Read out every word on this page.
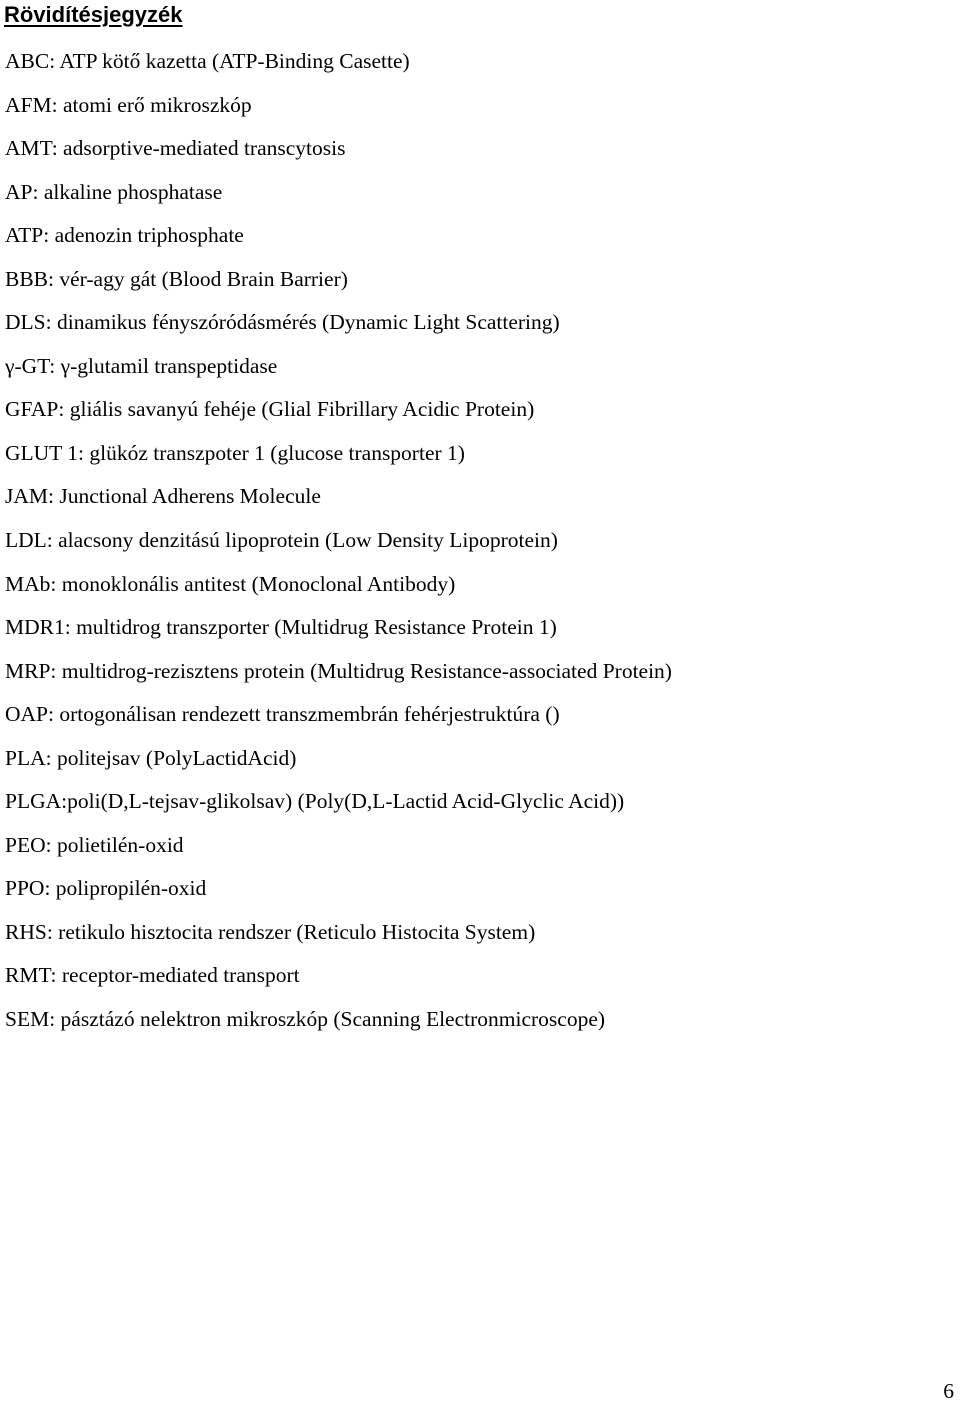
Rövidítésjegyzék
ABC: ATP kötő kazetta (ATP-Binding Casette)
AFM: atomi erő mikroszkóp
AMT: adsorptive-mediated transcytosis
AP: alkaline phosphatase
ATP: adenozin triphosphate
BBB: vér-agy gát (Blood Brain Barrier)
DLS: dinamikus fényszóródásmérés (Dynamic Light Scattering)
γ-GT: γ-glutamil transpeptidase
GFAP: gliális savanyú fehéje (Glial Fibrillary Acidic Protein)
GLUT 1: glükóz transzpoter 1 (glucose transporter 1)
JAM: Junctional Adherens Molecule
LDL: alacsony denzitású lipoprotein (Low Density Lipoprotein)
MAb: monoklonális antitest (Monoclonal Antibody)
MDR1: multidrog transzporter (Multidrug Resistance Protein 1)
MRP: multidrog-rezisztens protein (Multidrug Resistance-associated Protein)
OAP: ortogonálisan rendezett transzmembrán fehérjestruktúra ()
PLA: politejsav (PolyLactidAcid)
PLGA:poli(D,L-tejsav-glikolsav) (Poly(D,L-Lactid Acid-Glyclic Acid))
PEO: polietilén-oxid
PPO: polipropilén-oxid
RHS: retikulo hisztocita rendszer (Reticulo Histocita System)
RMT: receptor-mediated transport
SEM: pásztázó nelektron mikroszkóp (Scanning Electronmicroscope)
6
